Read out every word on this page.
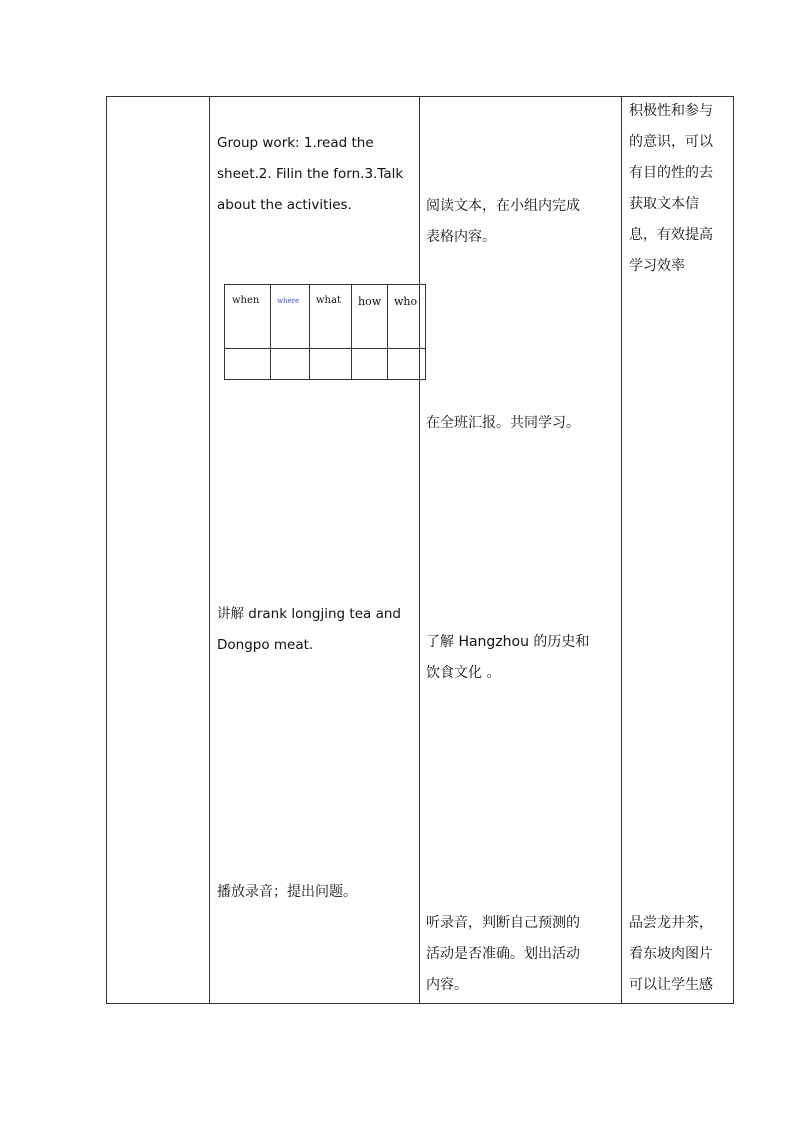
Group work: 1.read the
sheet.2. Filin the forn.3.Talk
about the activities.
when	where what how who
讲解 drank longjing tea and
Dongpo meat.
播放录音；提出问题。
阅读文本，在小组内完成
表格内容。
在全班汇报。共同学习。
了解 Hangzhou 的历史和
饮食文化 。
听录音，判断自己预测的
活动是否准确。划出活动
内容。
积极性和参与
的意识，可以
有目的性的去
获取文本信
息，有效提高
学习效率
品尝龙井茶，
看东坡肉图片
可以让学生感
